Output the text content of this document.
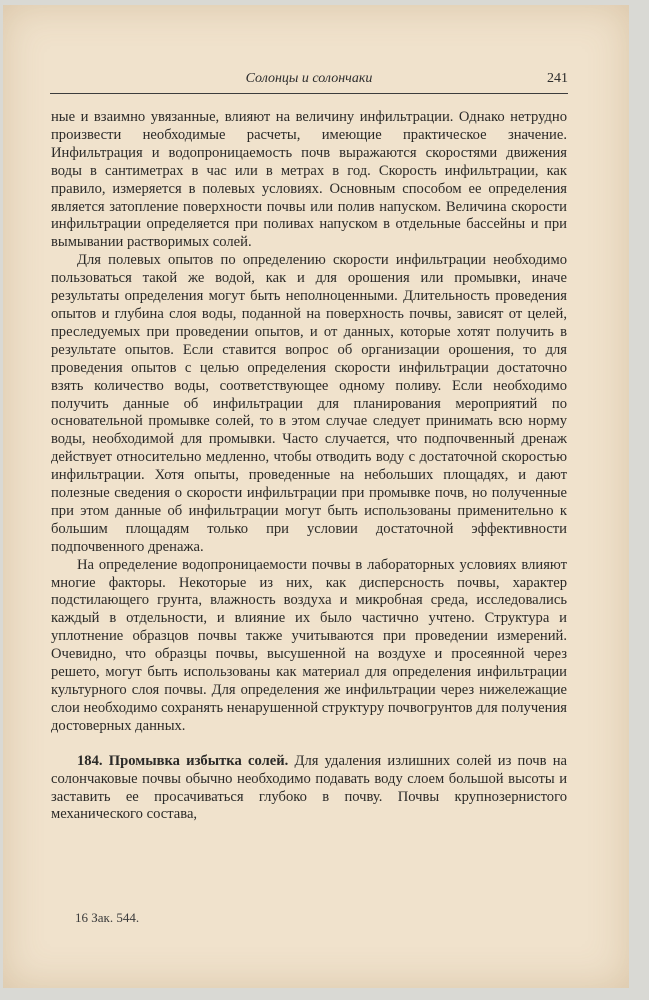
Солонцы и солончаки	241

ные и взаимно увязанные, влияют на величину инфильтрации. Однако нетрудно произвести необходимые расчеты, имеющие практическое значение. Инфильтрация и водопроницаемость почв выражаются скоростями движения воды в сантиметрах в час или в метрах в год. Скорость инфильтрации, как правило, измеряется в полевых условиях. Основным способом ее определения является затопление поверхности почвы или полив напуском. Величина скорости инфильтрации определяется при поливах напуском в отдельные бассейны и при вымывании растворимых солей.

Для полевых опытов по определению скорости инфильтрации необходимо пользоваться такой же водой, как и для орошения или промывки, иначе результаты определения могут быть неполноценными. Длительность проведения опытов и глубина слоя воды, поданной на поверхность почвы, зависят от целей, преследуемых при проведении опытов, и от данных, которые хотят получить в результате опытов. Если ставится вопрос об организации орошения, то для проведения опытов с целью определения скорости инфильтрации достаточно взять количество воды, соответствующее одному поливу. Если необходимо получить данные об инфильтрации для планирования мероприятий по основательной промывке солей, то в этом случае следует принимать всю норму воды, необходимой для промывки. Часто случается, что подпочвенный дренаж действует относительно медленно, чтобы отводить воду с достаточной скоростью инфильтрации. Хотя опыты, проведенные на небольших площадях, и дают полезные сведения о скорости инфильтрации при промывке почв, но полученные при этом данные об инфильтрации могут быть использованы применительно к большим площадям только при условии достаточной эффективности подпочвенного дренажа.

На определение водопроницаемости почвы в лабораторных условиях влияют многие факторы. Некоторые из них, как дисперсность почвы, характер подстилающего грунта, влажность воздуха и микробная среда, исследовались каждый в отдельности, и влияние их было частично учтено. Структура и уплотнение образцов почвы также учитываются при проведении измерений. Очевидно, что образцы почвы, высушенной на воздухе и просеянной через решето, могут быть использованы как материал для определения инфильтрации культурного слоя почвы. Для определения же инфильтрации через нижележащие слои необходимо сохранять ненарушенной структуру почвогрунтов для получения достоверных данных.

184. Промывка избытка солей. Для удаления излишних солей из почв на солончаковые почвы обычно необходимо подавать воду слоем большой высоты и заставить ее просачиваться глубоко в почву. Почвы крупнозернистого механического состава,

16 Зак. 544.
